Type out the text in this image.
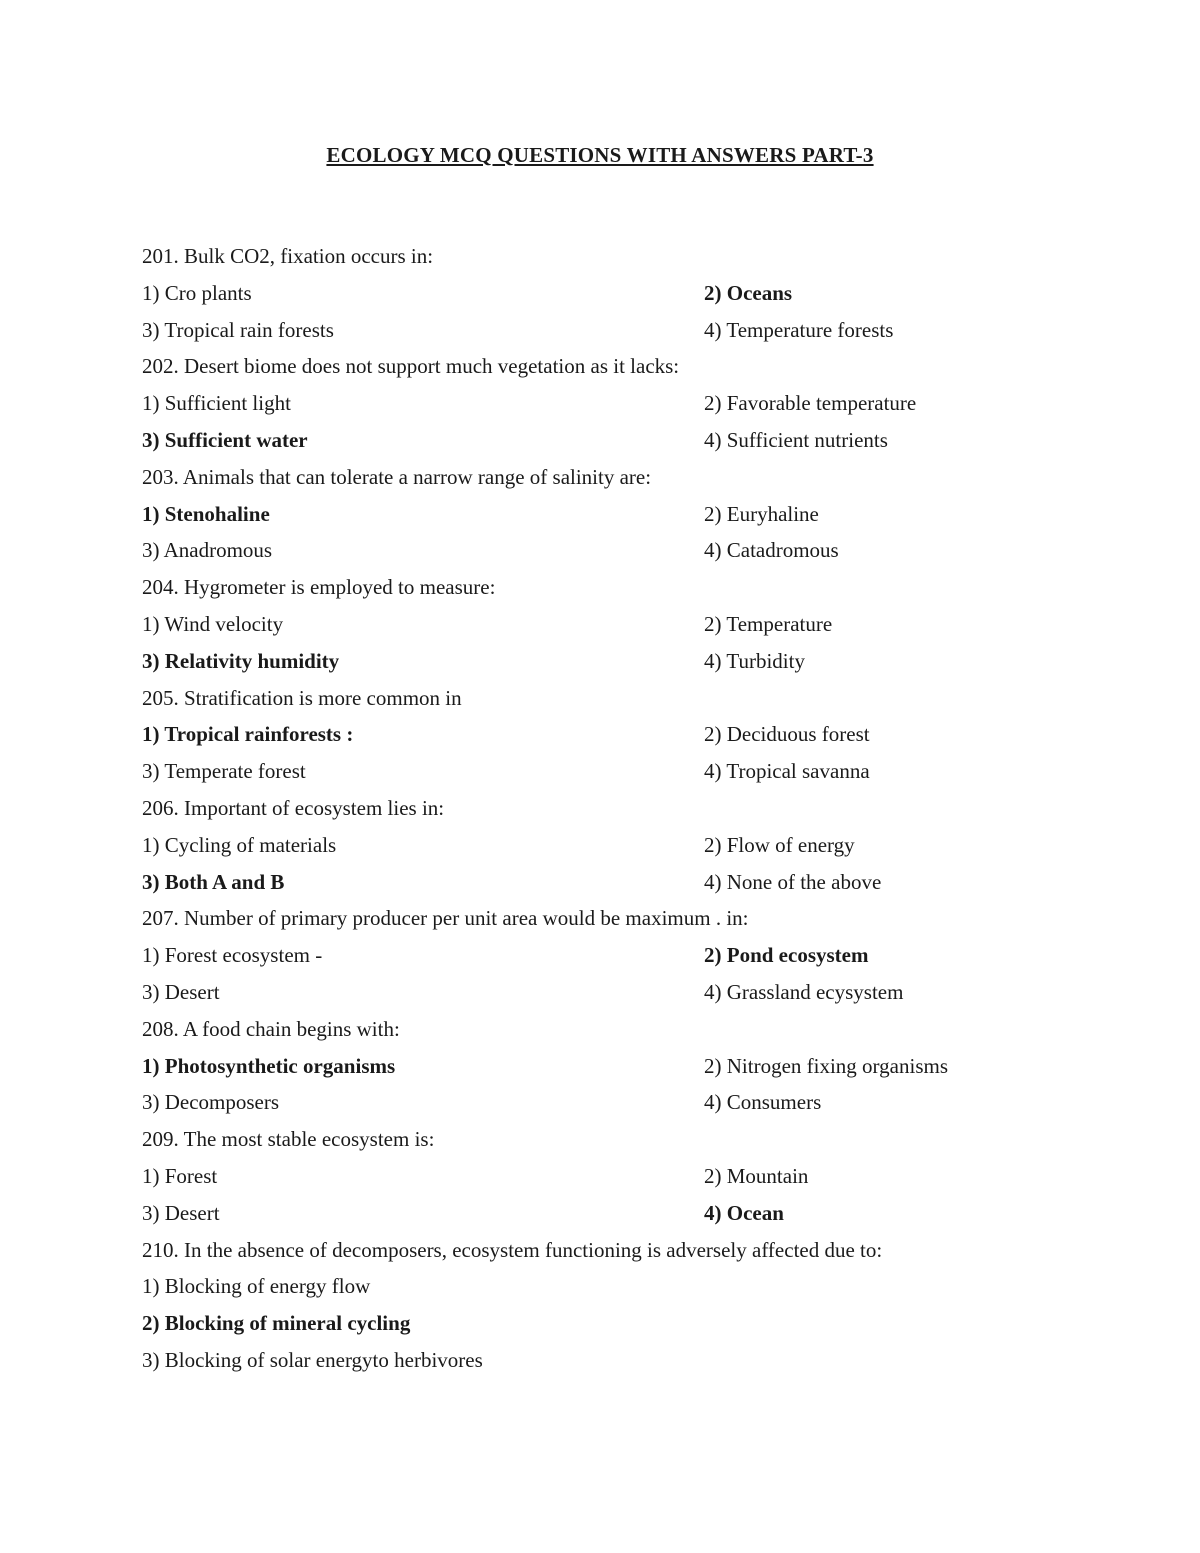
ECOLOGY MCQ QUESTIONS WITH ANSWERS PART-3
201. Bulk CO2, fixation occurs in:
1) Cro plants	2) Oceans
3) Tropical rain forests	4) Temperature forests
202. Desert biome does not support much vegetation as it lacks:
1) Sufficient light	2) Favorable temperature
3) Sufficient water	4) Sufficient nutrients
203. Animals that can tolerate a narrow range of salinity are:
1) Stenohaline	2) Euryhaline
3) Anadromous	4) Catadromous
204. Hygrometer is employed to measure:
1) Wind velocity	2) Temperature
3) Relativity humidity	4) Turbidity
205. Stratification is more common in
1) Tropical rainforests :	2) Deciduous forest
3) Temperate forest	4) Tropical savanna
206. Important of ecosystem lies in:
1) Cycling of materials	2) Flow of energy
3) Both A and B	4) None of the above
207. Number of primary producer per unit area would be maximum . in:
1) Forest ecosystem -	2) Pond ecosystem
3) Desert	4) Grassland ecysystem
208. A food chain begins with:
1) Photosynthetic organisms	2) Nitrogen fixing organisms
3) Decomposers	4) Consumers
209. The most stable ecosystem is:
1) Forest	2) Mountain
3) Desert	4) Ocean
210. In the absence of decomposers, ecosystem functioning is adversely affected due to:
1) Blocking of energy flow
2) Blocking of mineral cycling
3) Blocking of solar energyto herbivores
